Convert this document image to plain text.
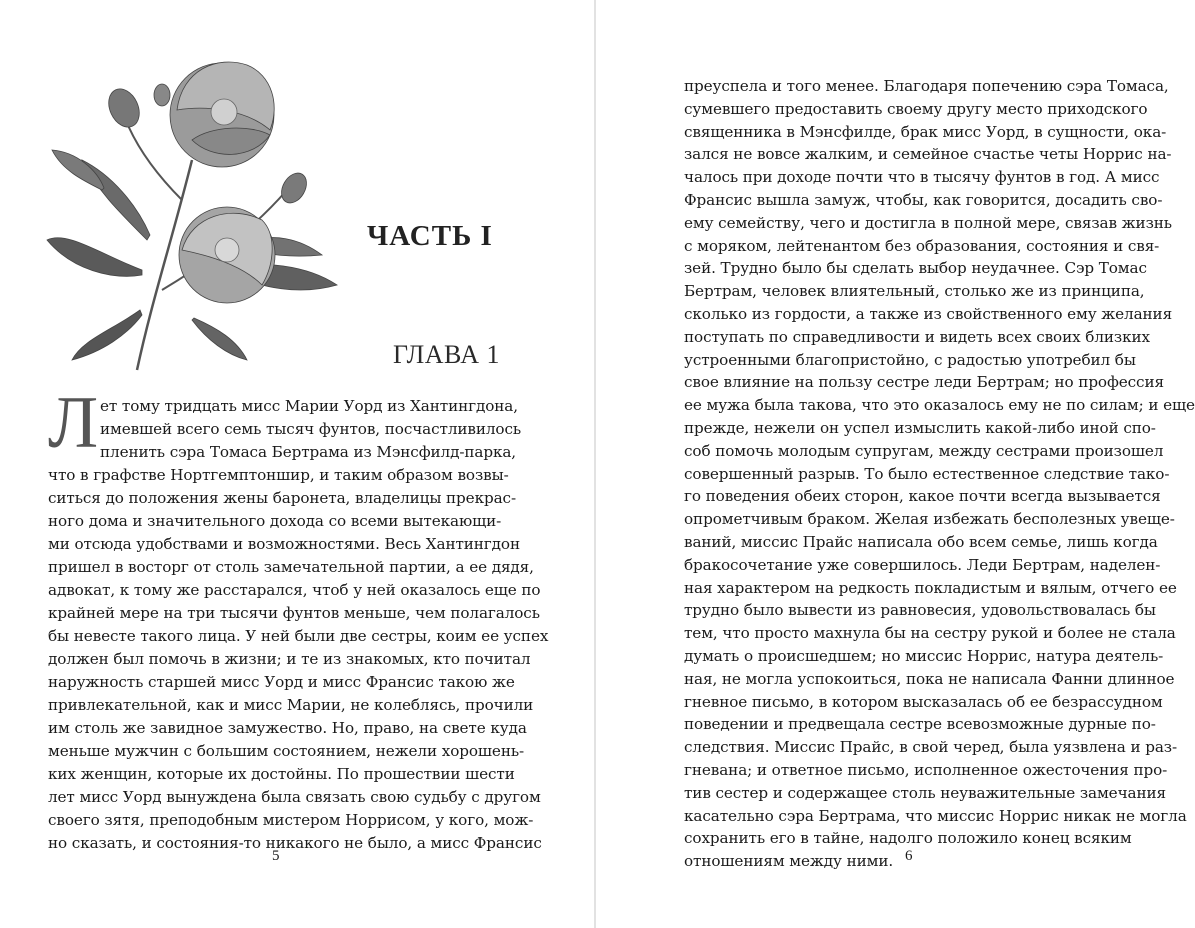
ЧАСТЬ I
ГЛАВА 1
Л ет тому тридцать мисс Марии Уорд из Хантингдона,
имевшей всего семь тысяч фунтов, посчастливилось
пленить сэра Томаса Бертрама из Мэнсфилд-парка,
что в графстве Нортгемптоншир, и таким образом возвы-
ситься до положения жены баронета, владелицы прекрас-
ного дома и значительного дохода со всеми вытекающи-
ми отсюда удобствами и возможностями. Весь Хантингдон
пришел в восторг от столь замечательной партии, а ее дядя,
адвокат, к тому же расстарался, чтоб у ней оказалось еще по
крайней мере на три тысячи фунтов меньше, чем полагалось
бы невесте такого лица. У ней были две сестры, коим ее успех
должен был помочь в жизни; и те из знакомых, кто почитал
наружность старшей мисс Уорд и мисс Франсис такою же
привлекательной, как и мисс Марии, не колеблясь, прочили
им столь же завидное замужество. Но, право, на свете куда
меньше мужчин с большим состоянием, нежели хорошень-
ких женщин, которые их достойны. По прошествии шести
лет мисс Уорд вынуждена была связать свою судьбу с другом
своего зятя, преподобным мистером Норрисом, у кого, мож-
но сказать, и состояния-то никакого не было, а мисс Франсис
5
преуспела и того менее. Благодаря попечению сэра Томаса,
сумевшего предоставить своему другу место приходского
священника в Мэнсфилде, брак мисс Уорд, в сущности, ока-
зался не вовсе жалким, и семейное счастье четы Норрис на-
чалось при доходе почти что в тысячу фунтов в год. А мисс
Франсис вышла замуж, чтобы, как говорится, досадить сво-
ему семейству, чего и достигла в полной мере, связав жизнь
с моряком, лейтенантом без образования, состояния и свя-
зей. Трудно было бы сделать выбор неудачнее. Сэр Томас
Бертрам, человек влиятельный, столько же из принципа,
сколько из гордости, а также из свойственного ему желания
поступать по справедливости и видеть всех своих близких
устроенными благопристойно, с радостью употребил бы
свое влияние на пользу сестре леди Бертрам; но профессия
ее мужа была такова, что это оказалось ему не по силам; и еще
прежде, нежели он успел измыслить какой-либо иной спо-
соб помочь молодым супругам, между сестрами произошел
совершенный разрыв. То было естественное следствие тако-
го поведения обеих сторон, какое почти всегда вызывается
опрометчивым браком. Желая избежать бесполезных увеще-
ваний, миссис Прайс написала обо всем семье, лишь когда
бракосочетание уже совершилось. Леди Бертрам, наделен-
ная характером на редкость покладистым и вялым, отчего ее
трудно было вывести из равновесия, удовольствовалась бы
тем, что просто махнула бы на сестру рукой и более не стала
думать о происшедшем; но миссис Норрис, натура деятель-
ная, не могла успокоиться, пока не написала Фанни длинное
гневное письмо, в котором высказалась об ее безрассудном
поведении и предвещала сестре всевозможные дурные по-
следствия. Миссис Прайс, в свой черед, была уязвлена и раз-
гневана; и ответное письмо, исполненное ожесточения про-
тив сестер и содержащее столь неуважительные замечания
касательно сэра Бертрама, что миссис Норрис никак не могла
сохранить его в тайне, надолго положило конец всяким
отношениям между ними. 6
